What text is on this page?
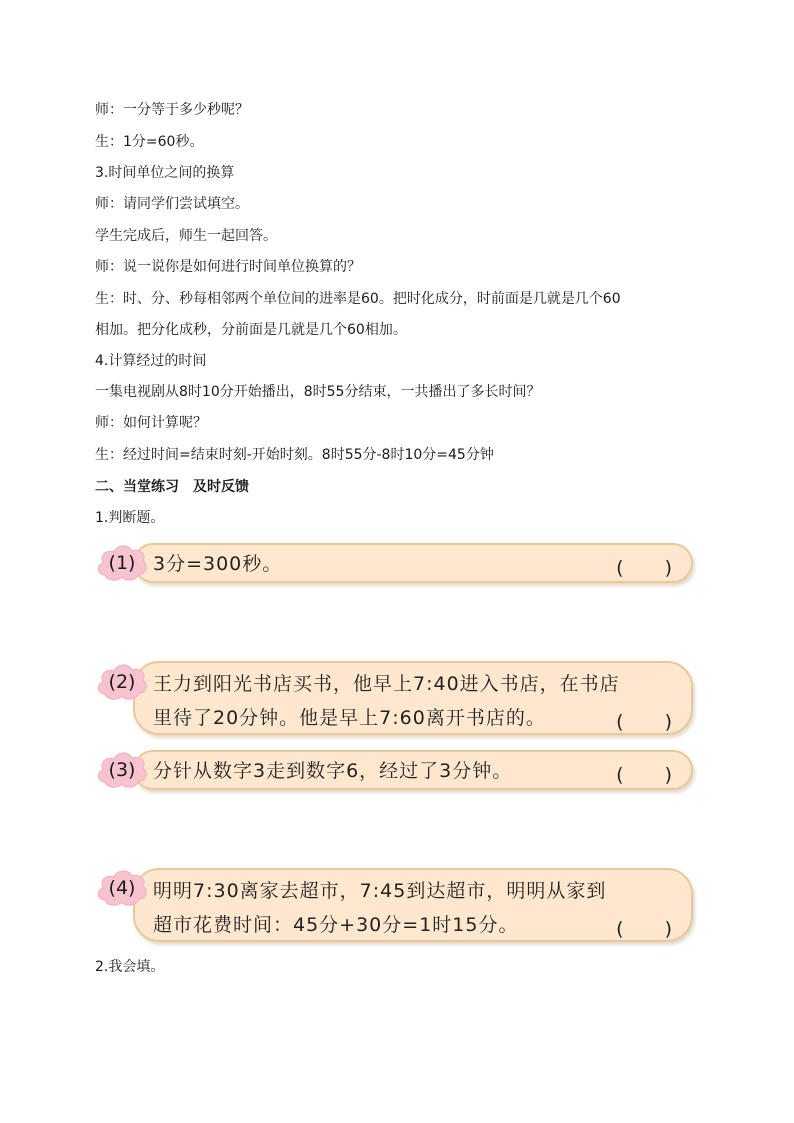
师：一分等于多少秒呢？
生：1分=60秒。
3.时间单位之间的换算
师：请同学们尝试填空。
学生完成后，师生一起回答。
师：说一说你是如何进行时间单位换算的？
生：时、分、秒每相邻两个单位间的进率是60。把时化成分，时前面是几就是几个60
相加。把分化成秒，分前面是几就是几个60相加。
4.计算经过的时间
一集电视剧从8时10分开始播出，8时55分结束，一共播出了多长时间？
师：如何计算呢？
生：经过时间=结束时刻-开始时刻。8时55分-8时10分=45分钟
二、当堂练习　及时反馈
1.判断题。
3分=300秒。	(　　)
(1)
王力到阳光书店买书，他早上7:40进入书店，在书店
里待了20分钟。他是早上7:60离开书店的。	(　　)
(2)
分针从数字3走到数字6，经过了3分钟。	(　　)
(3)
明明7:30离家去超市，7:45到达超市，明明从家到
超市花费时间：45分+30分=1时15分。	(　　)
(4)
2.我会填。
